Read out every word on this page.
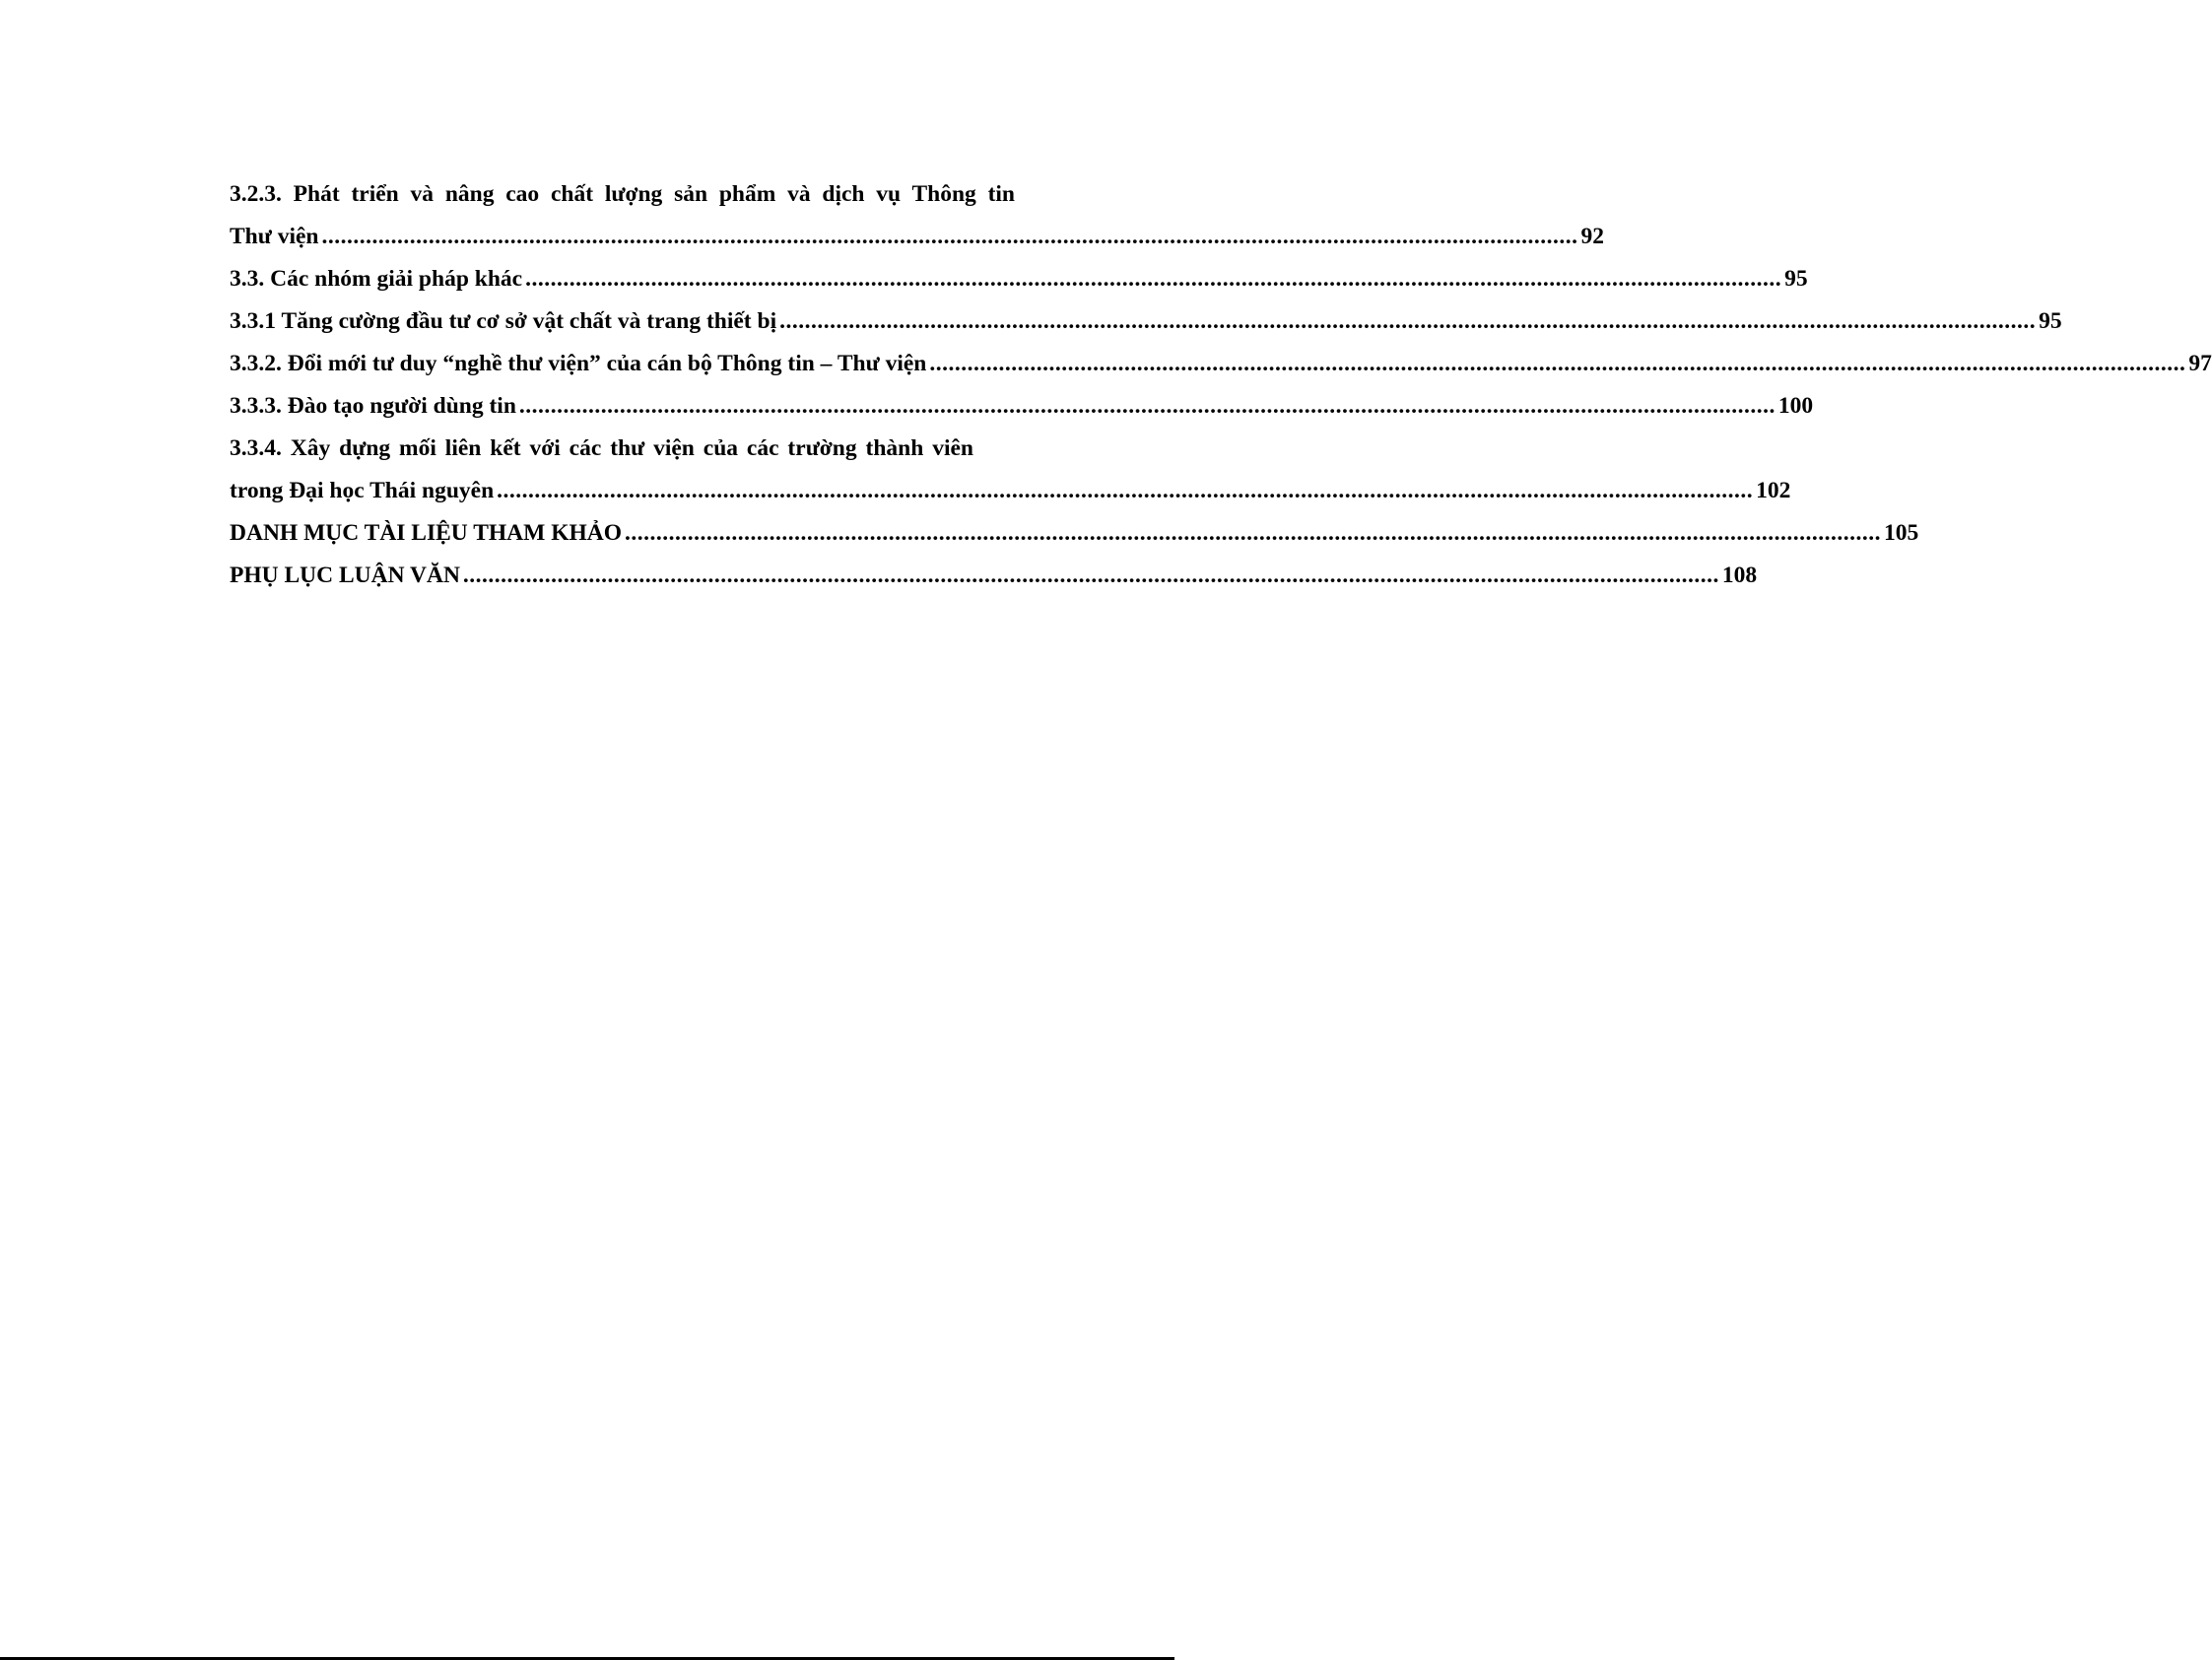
3.2.3. Phát triển và nâng cao chất lượng sản phẩm và dịch vụ Thông tin
Thư viện ........................................................................................................................................................................................................ 92
3.3. Các nhóm giải pháp khác ........................................................................................................................................................................................................ 95
3.3.1 Tăng cường đầu tư cơ sở vật chất và trang thiết bị ........................................................................................................................................................................................................ 95
3.3.2. Đổi mới tư duy “nghề thư viện” của cán bộ Thông tin – Thư viện ........................................................................................................................................................................................................ 97
3.3.3. Đào tạo người dùng tin ........................................................................................................................................................................................................ 100
3.3.4. Xây dựng mối liên kết với các thư viện của các trường thành viên
trong Đại học Thái nguyên ........................................................................................................................................................................................................ 102
DANH MỤC TÀI LIỆU THAM KHẢO ........................................................................................................................................................................................................ 105
PHỤ LỤC LUẬN VĂN ........................................................................................................................................................................................................ 108
